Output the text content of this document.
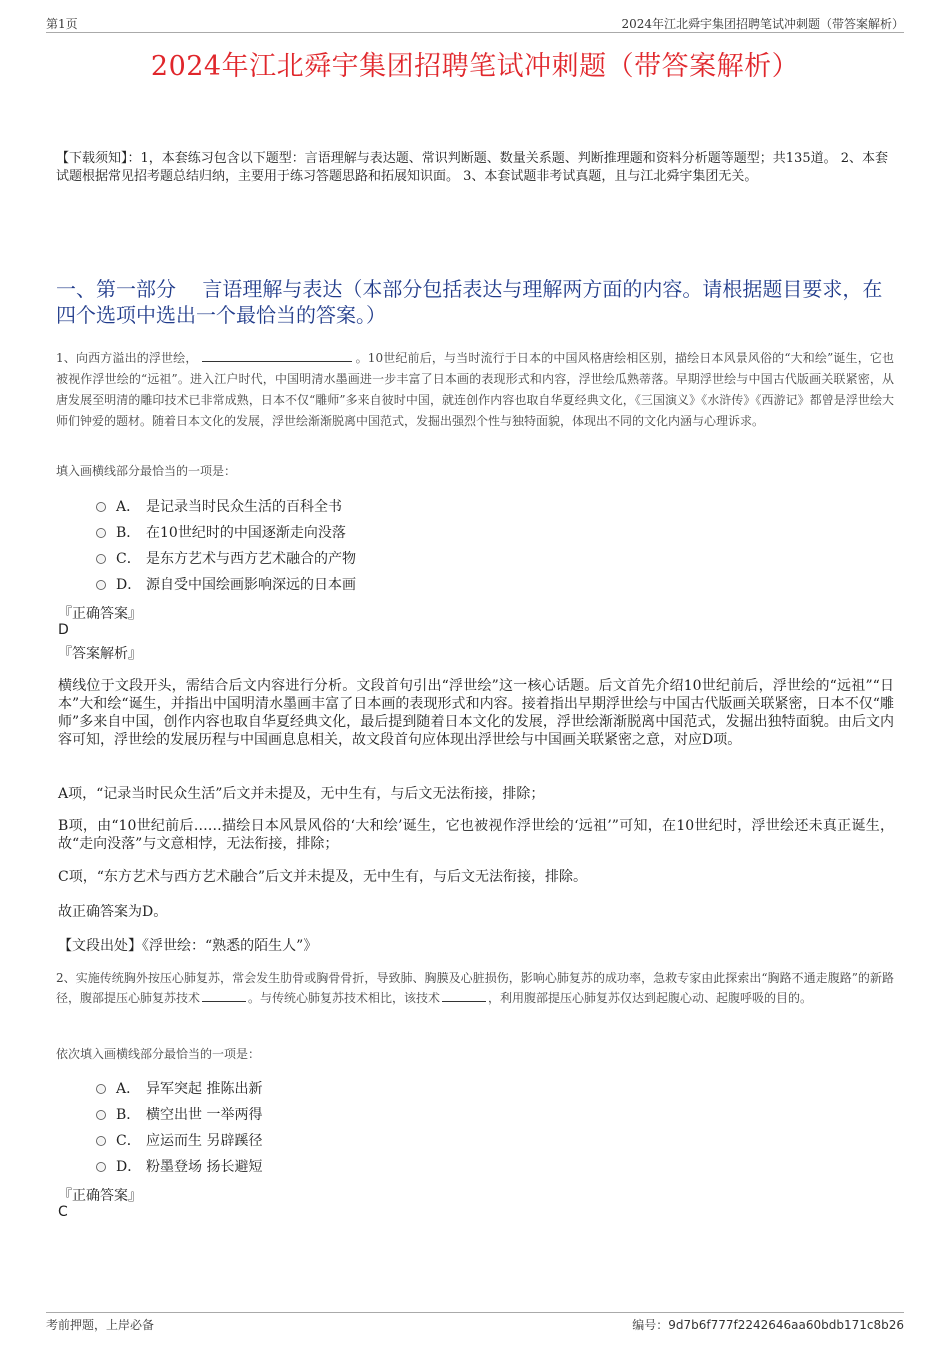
第1页	2024年江北舜宇集团招聘笔试冲刺题（带答案解析）
2024年江北舜宇集团招聘笔试冲刺题（带答案解析）
【下载须知】：1，本套练习包含以下题型：言语理解与表达题、常识判断题、数量关系题、判断推理题和资料分析题等题型；共135道。 2、本套试题根据常见招考题总结归纳，主要用于练习答题思路和拓展知识面。 3、本套试题非考试真题，且与江北舜宇集团无关。
一、第一部分　 言语理解与表达（本部分包括表达与理解两方面的内容。请根据题目要求，在四个选项中选出一个最恰当的答案。）
1、向西方溢出的浮世绘，	。10世纪前后，与当时流行于日本的中国风格唐绘相区别，描绘日本风景风俗的“大和绘”诞生，它也被视作浮世绘的“远祖”。进入江户时代，中国明清水墨画进一步丰富了日本画的表现形式和内容，浮世绘瓜熟蒂落。早期浮世绘与中国古代版画关联紧密，从唐发展至明清的雕印技术已非常成熟，日本不仅“雕师”多来自彼时中国，就连创作内容也取自华夏经典文化，《三国演义》《水浒传》《西游记》都曾是浮世绘大师们钟爱的题材。随着日本文化的发展，浮世绘渐渐脱离中国范式，发掘出强烈个性与独特面貌，体现出不同的文化内涵与心理诉求。
填入画横线部分最恰当的一项是：
A． 是记录当时民众生活的百科全书
B． 在10世纪时的中国逐渐走向没落
C． 是东方艺术与西方艺术融合的产物
D． 源自受中国绘画影响深远的日本画
『正确答案』
D
『答案解析』
横线位于文段开头，需结合后文内容进行分析。文段首句引出“浮世绘”这一核心话题。后文首先介绍10世纪前后，浮世绘的“远祖”“日本”大和绘“诞生，并指出中国明清水墨画丰富了日本画的表现形式和内容。接着指出早期浮世绘与中国古代版画关联紧密，日本不仅“雕师”多来自中国，创作内容也取自华夏经典文化，最后提到随着日本文化的发展，浮世绘渐渐脱离中国范式，发掘出独特面貌。由后文内容可知，浮世绘的发展历程与中国画息息相关，故文段首句应体现出浮世绘与中国画关联紧密之意，对应D项。
A项，“记录当时民众生活”后文并未提及，无中生有，与后文无法衔接，排除；
B项，由“10世纪前后……描绘日本风景风俗的‘大和绘’诞生，它也被视作浮世绘的‘远祖’”可知，在10世纪时，浮世绘还未真正诞生，故“走向没落”与文意相悖，无法衔接，排除；
C项，“东方艺术与西方艺术融合”后文并未提及，无中生有，与后文无法衔接，排除。
故正确答案为D。
【文段出处】《浮世绘：“熟悉的陌生人”》
2、实施传统胸外按压心肺复苏，常会发生肋骨或胸骨骨折，导致肺、胸膜及心脏损伤，影响心肺复苏的成功率，急救专家由此探索出“胸路不通走腹路”的新路径，腹部提压心肺复苏技术	。与传统心肺复苏技术相比，该技术	，利用腹部提压心肺复苏仅达到起腹心动、起腹呼吸的目的。
依次填入画横线部分最恰当的一项是：
A． 异军突起 推陈出新
B． 横空出世 一举两得
C． 应运而生 另辟蹊径
D． 粉墨登场 扬长避短
『正确答案』
C
考前押题，上岸必备	编号：9d7b6f777f2242646aa60bdb171c8b26
